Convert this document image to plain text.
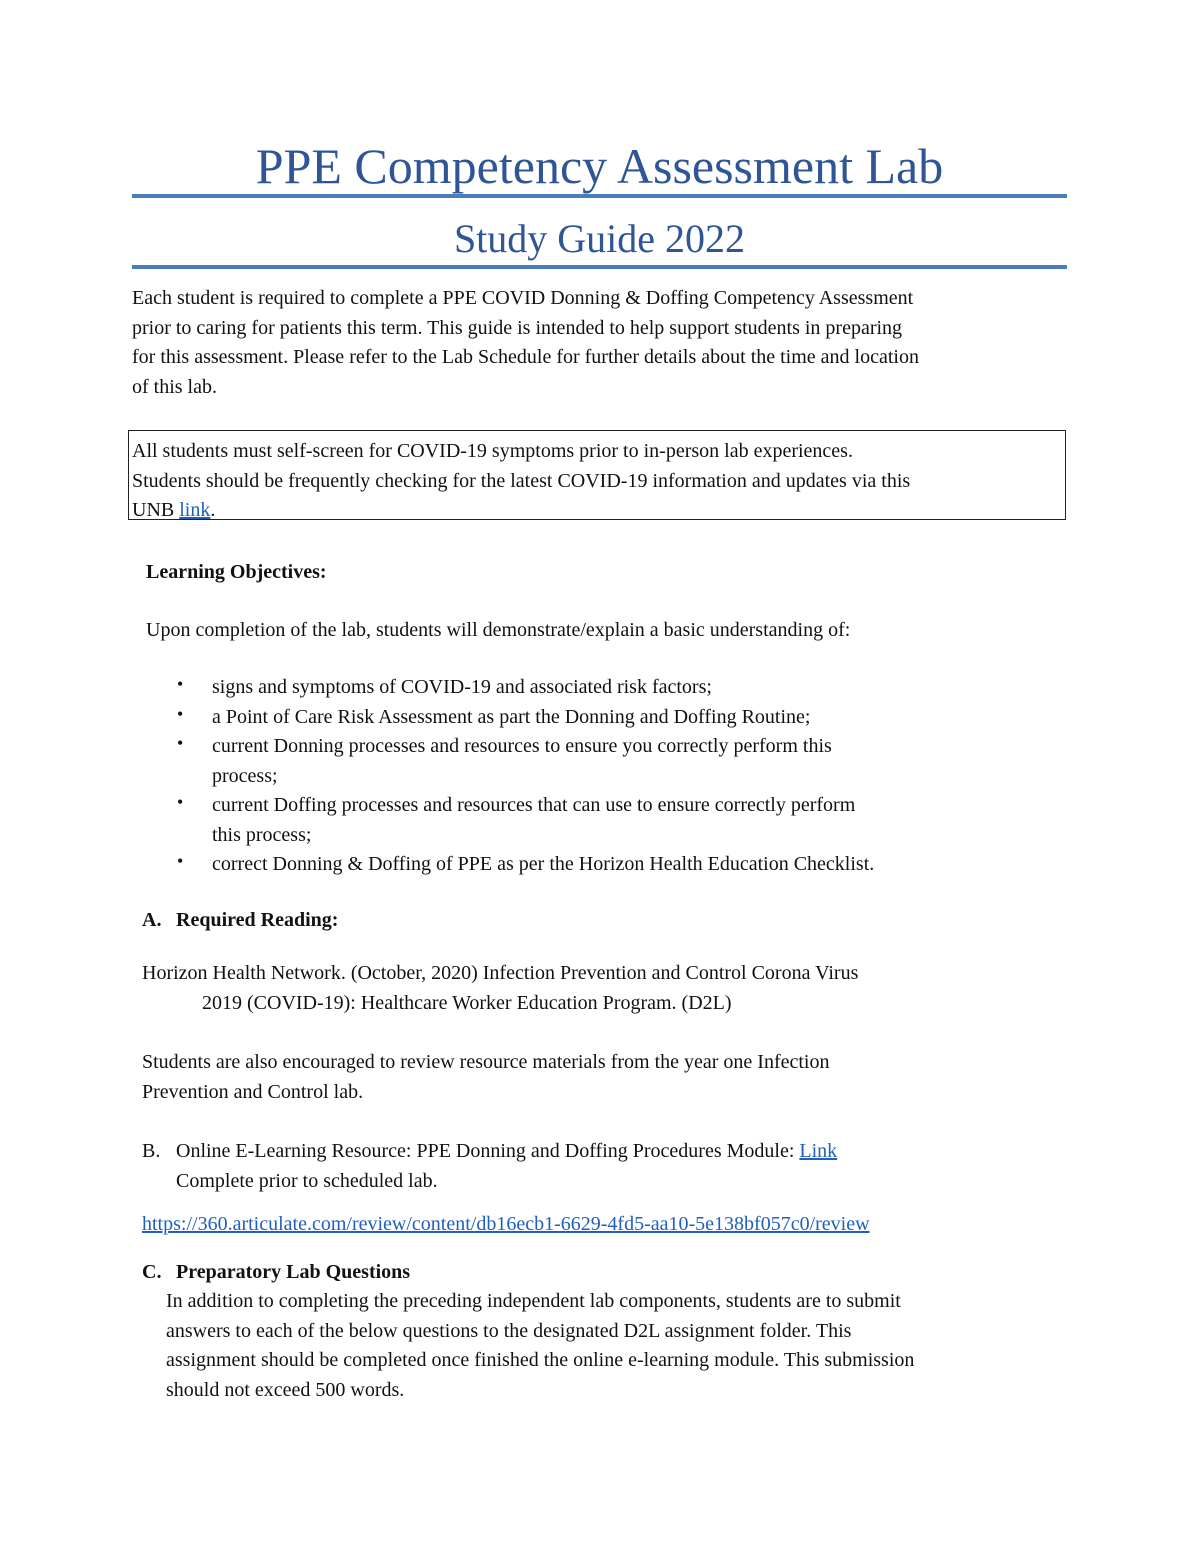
PPE Competency Assessment Lab
Study Guide 2022
Each student is required to complete a PPE COVID Donning & Doffing Competency Assessment
prior to caring for patients this term. This guide is intended to help support students in preparing
for this assessment. Please refer to the Lab Schedule for further details about the time and location
of this lab.
All students must self-screen for COVID-19 symptoms prior to in-person lab experiences.
Students should be frequently checking for the latest COVID-19 information and updates via this
UNB link.
Learning Objectives:
Upon completion of the lab, students will demonstrate/explain a basic understanding of:
• signs and symptoms of COVID-19 and associated risk factors;
• a Point of Care Risk Assessment as part the Donning and Doffing Routine;
• current Donning processes and resources to ensure you correctly perform this
process;
• current Doffing processes and resources that can use to ensure correctly perform
this process;
• correct Donning & Doffing of PPE as per the Horizon Health Education Checklist.
A. Required Reading:
Horizon Health Network. (October, 2020) Infection Prevention and Control Corona Virus
2019 (COVID-19): Healthcare Worker Education Program. (D2L)
Students are also encouraged to review resource materials from the year one Infection
Prevention and Control lab.
B. Online E-Learning Resource: PPE Donning and Doffing Procedures Module: Link
Complete prior to scheduled lab.
https://360.articulate.com/review/content/db16ecb1-6629-4fd5-aa10-5e138bf057c0/review
C. Preparatory Lab Questions
In addition to completing the preceding independent lab components, students are to submit
answers to each of the below questions to the designated D2L assignment folder. This
assignment should be completed once finished the online e-learning module. This submission
should not exceed 500 words.
